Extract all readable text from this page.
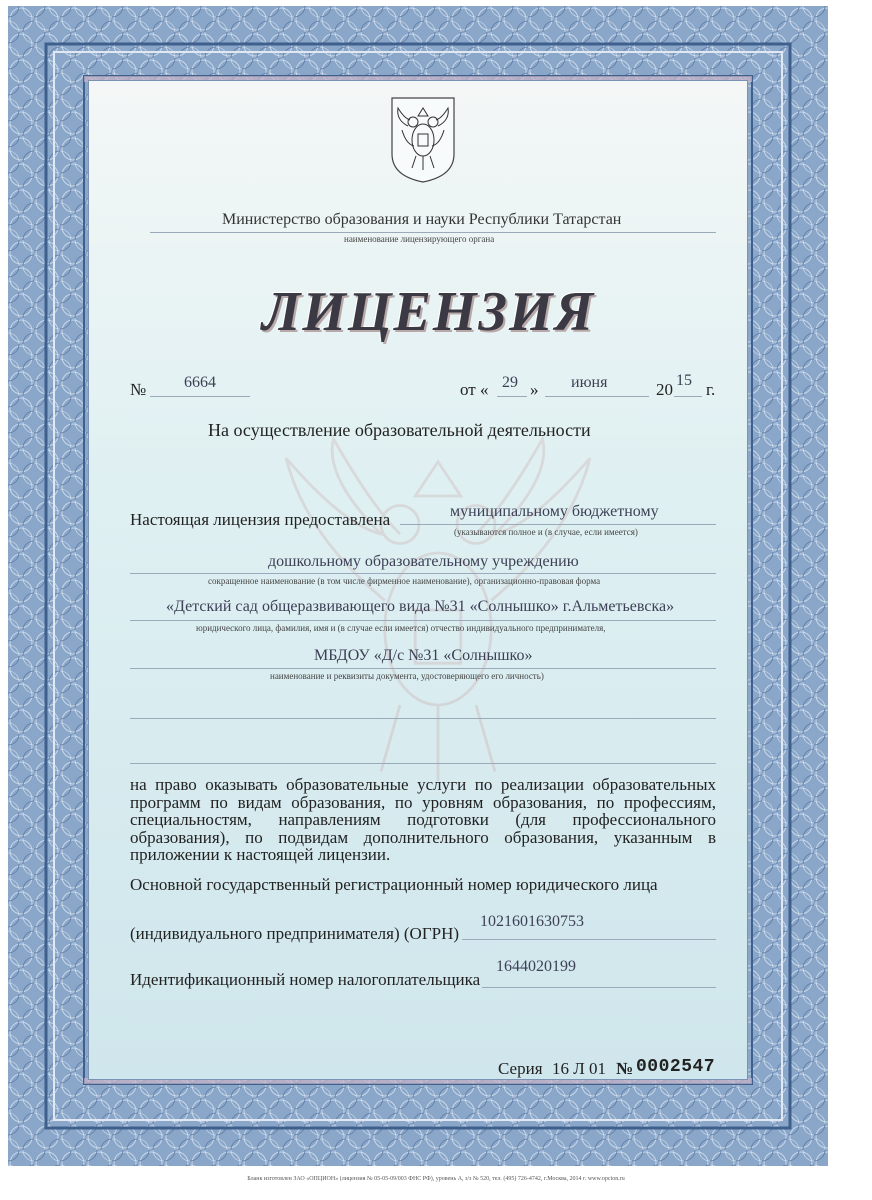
Министерство образования и науки Республики Татарстан
наименование лицензирующего органа
ЛИЦЕНЗИЯ
№ 6664	от « 29 » июня	20 15 г.
На осуществление образовательной деятельности
Настоящая лицензия предоставлена	муниципальному бюджетному
(указываются полное и (в случае, если имеется)
дошкольному образовательному учреждению
сокращенное наименование (в том числе фирменное наименование), организационно-правовая форма
«Детский сад общеразвивающего вида №31 «Солнышко» г.Альметьевска»
юридического лица, фамилия, имя и (в случае если имеется) отчество индивидуального предпринимателя,
МБДОУ «Д/с №31 «Солнышко»
наименование и реквизиты документа, удостоверяющего его личность)
на право оказывать образовательные услуги по реализации образовательных программ по видам образования, по уровням образования, по профессиям, специальностям, направлениям подготовки (для профессионального образования), по подвидам дополнительного образования, указанным в приложении к настоящей лицензии.
Основной государственный регистрационный номер юридического лица
(индивидуального предпринимателя) (ОГРН)
1021601630753
Идентификационный номер налогоплательщика
1644020199
Серия 16 Л 01 № 0002547
Бланк изготовлен ЗАО «ОПЦИОН» (лицензия № 05-05-09/003 ФНС РФ), уровень А, з/з № 520, тел. (495) 726-4742, г.Москва, 2014 г. www.opcion.ru
